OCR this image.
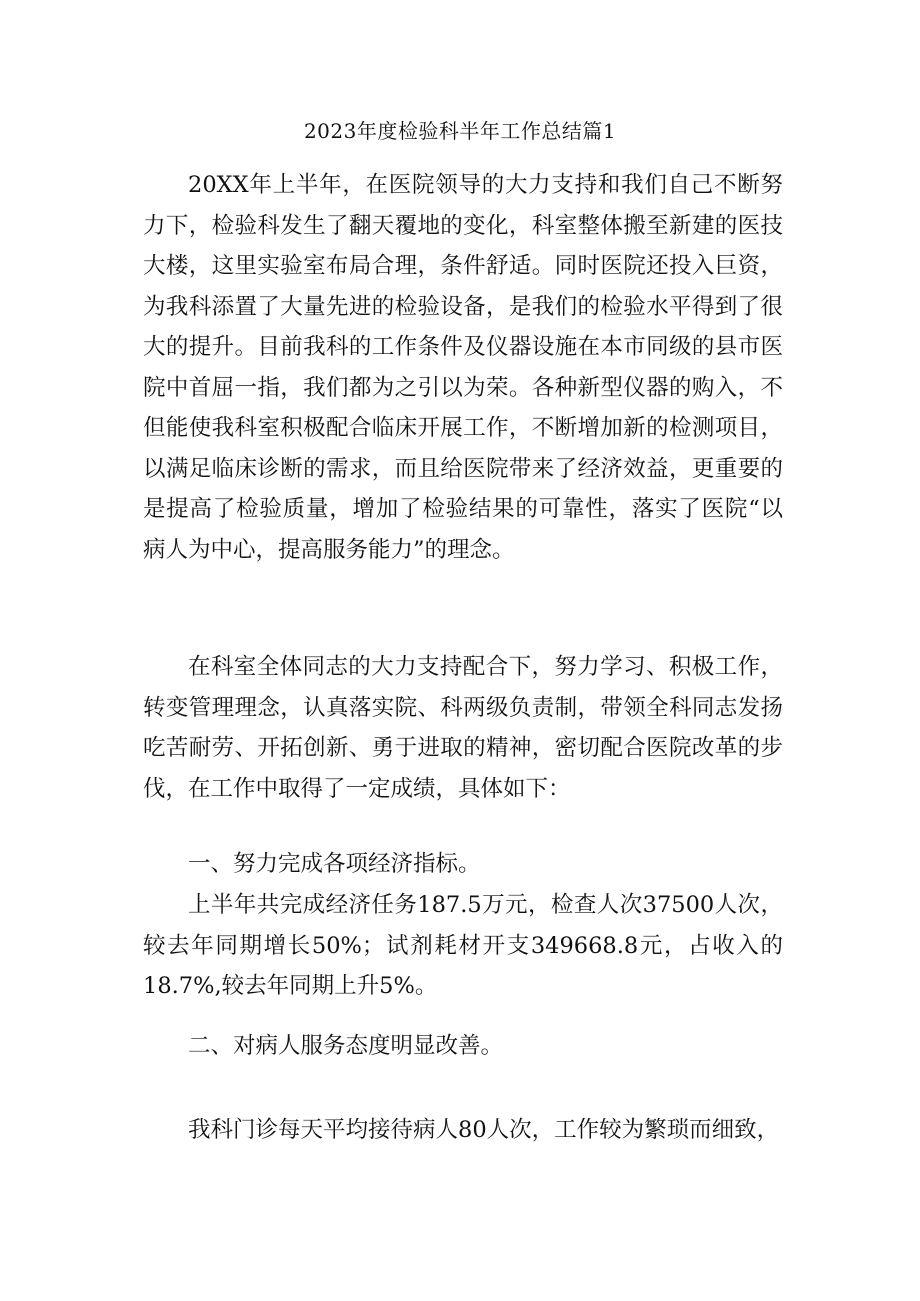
2023年度检验科半年工作总结篇1

20XX年上半年，在医院领导的大力支持和我们自己不断努力下，检验科发生了翻天覆地的变化，科室整体搬至新建的医技大楼，这里实验室布局合理，条件舒适。同时医院还投入巨资，为我科添置了大量先进的检验设备，是我们的检验水平得到了很大的提升。目前我科的工作条件及仪器设施在本市同级的县市医院中首屈一指，我们都为之引以为荣。各种新型仪器的购入，不但能使我科室积极配合临床开展工作，不断增加新的检测项目，以满足临床诊断的需求，而且给医院带来了经济效益，更重要的是提高了检验质量，增加了检验结果的可靠性，落实了医院“以病人为中心，提高服务能力”的理念。

在科室全体同志的大力支持配合下，努力学习、积极工作，转变管理理念，认真落实院、科两级负责制，带领全科同志发扬吃苦耐劳、开拓创新、勇于进取的精神，密切配合医院改革的步伐，在工作中取得了一定成绩，具体如下：

一、努力完成各项经济指标。

上半年共完成经济任务187.5万元，检查人次37500人次，较去年同期增长50%；试剂耗材开支349668.8元，占收入的18.7%,较去年同期上升5%。

二、对病人服务态度明显改善。

我科门诊每天平均接待病人80人次，工作较为繁琐而细致，
